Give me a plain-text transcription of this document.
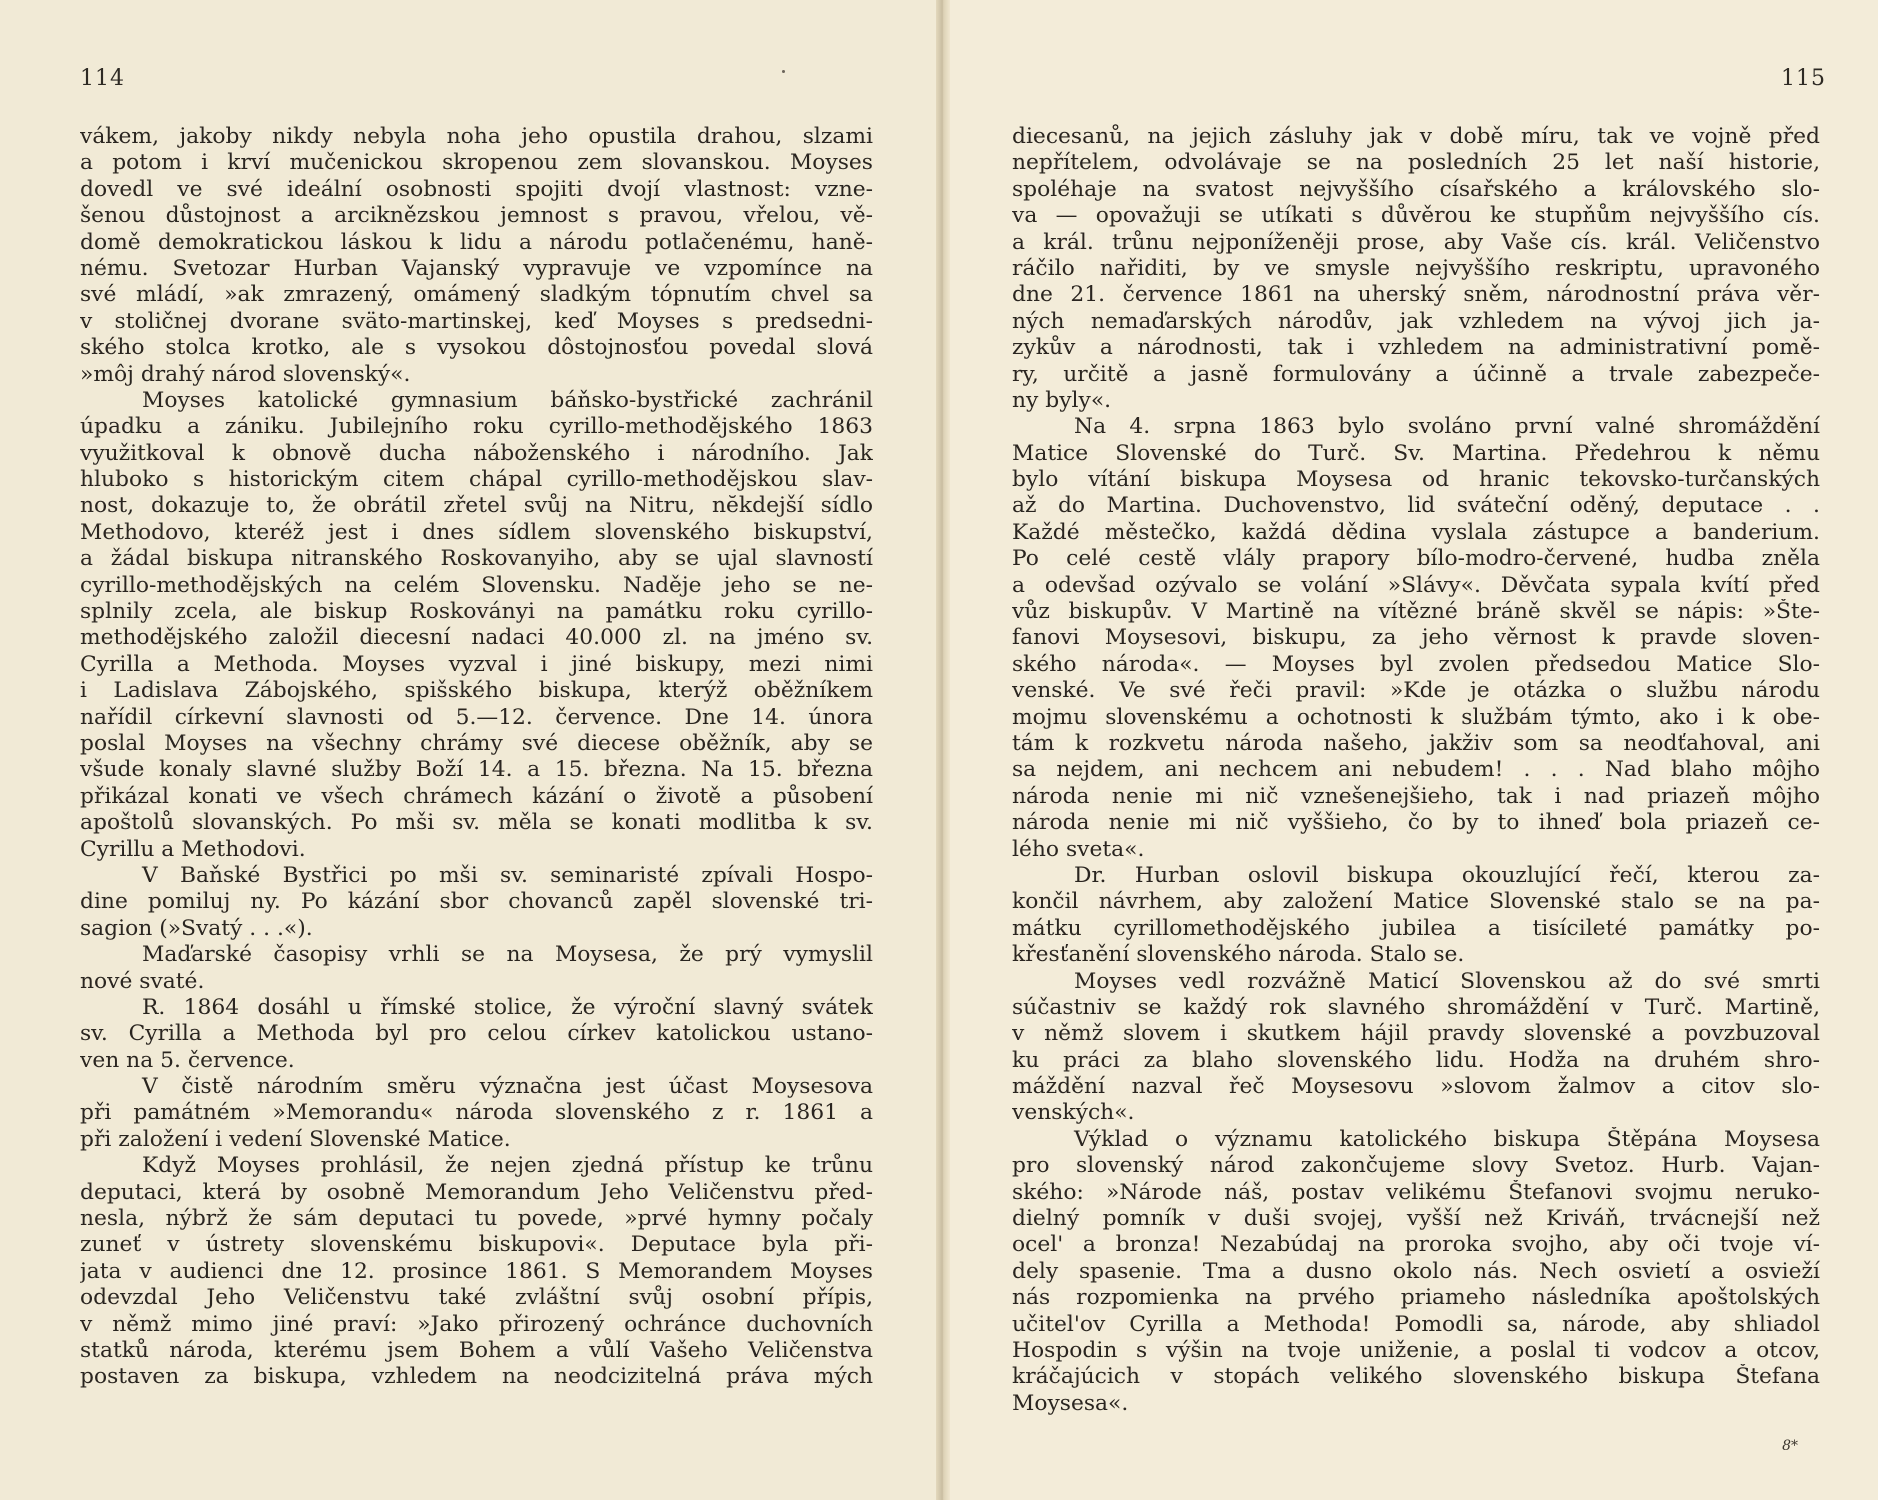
114
vákem, jakoby nikdy nebyla noha jeho opustila drahou, slzami
a potom i krví mučenickou skropenou zem slovanskou. Moyses
dovedl ve své ideální osobnosti spojiti dvojí vlastnost: vzne-
šenou důstojnost a arciknězskou jemnost s pravou, vřelou, vě-
domě demokratickou láskou k lidu a národu potlačenému, haně-
nému. Svetozar Hurban Vajanský vypravuje ve vzpomínce na
své mládí, »ak zmrazený, omámený sladkým tópnutím chvel sa
v stoličnej dvorane sväto-martinskej, keď Moyses s predsedni-
ského stolca krotko, ale s vysokou dôstojnosťou povedal slová
»môj drahý národ slovenský«.
Moyses katolické gymnasium báňsko-bystřické zachránil
úpadku a zániku. Jubilejního roku cyrillo-methodějského 1863
využitkoval k obnově ducha náboženského i národního. Jak
hluboko s historickým citem chápal cyrillo-methodějskou slav-
nost, dokazuje to, že obrátil zřetel svůj na Nitru, nĕkdejší sídlo
Methodovo, kteréž jest i dnes sídlem slovenského biskupství,
a žádal biskupa nitranského Roskovanyiho, aby se ujal slavností
cyrillo-methodějských na celém Slovensku. Naděje jeho se ne-
splnily zcela, ale biskup Roskoványi na památku roku cyrillo-
methodějského založil diecesní nadaci 40.000 zl. na jméno sv.
Cyrilla a Methoda. Moyses vyzval i jiné biskupy, mezi nimi
i Ladislava Zábojského, spišského biskupa, kterýž oběžníkem
nařídil církevní slavnosti od 5.—12. července. Dne 14. února
poslal Moyses na všechny chrámy své diecese oběžník, aby se
všude konaly slavné služby Boží 14. a 15. března. Na 15. března
přikázal konati ve všech chrámech kázání o životě a působení
apoštolů slovanských. Po mši sv. měla se konati modlitba k sv.
Cyrillu a Methodovi.
V Baňské Bystřici po mši sv. seminaristé zpívali Hospo-
dine pomiluj ny. Po kázání sbor chovanců zapěl slovenské tri-
sagion (»Svatý . . .«).
Maďarské časopisy vrhli se na Moysesa, že prý vymyslil
nové svaté.
R. 1864 dosáhl u římské stolice, že výroční slavný svátek
sv. Cyrilla a Methoda byl pro celou církev katolickou ustano-
ven na 5. července.
V čistě národním směru význačna jest účast Moysesova
při památném »Memorandu« národa slovenského z r. 1861 a
při založení i vedení Slovenské Matice.
Když Moyses prohlásil, že nejen zjedná přístup ke trůnu
deputaci, která by osobně Memorandum Jeho Veličenstvu před-
nesla, nýbrž že sám deputaci tu povede, »prvé hymny počaly
zuneť v ústrety slovenskému biskupovi«. Deputace byla při-
jata v audienci dne 12. prosince 1861. S Memorandem Moyses
odevzdal Jeho Veličenstvu také zvláštní svůj osobní přípis,
v němž mimo jiné praví: »Jako přirozený ochránce duchovních
statků národa, kterému jsem Bohem a vůlí Vašeho Veličenstva
postaven za biskupa, vzhledem na neodcizitelná práva mých
115
diecesanů, na jejich zásluhy jak v době míru, tak ve vojně před
nepřítelem, odvolávaje se na posledních 25 let naší historie,
spoléhaje na svatost nejvyššího císařského a královského slo-
va — opovažuji se utíkati s důvěrou ke stupňům nejvyššího cís.
a král. trůnu nejponíženěji prose, aby Vaše cís. král. Veličenstvo
ráčilo nařiditi, by ve smysle nejvyššího reskriptu, upravoného
dne 21. července 1861 na uherský sněm, národnostní práva věr-
ných nemaďarských národův, jak vzhledem na vývoj jich ja-
zykův a národnosti, tak i vzhledem na administrativní pomě-
ry, určitě a jasně formulovány a účinně a trvale zabezpeče-
ny byly«.
Na 4. srpna 1863 bylo svoláno první valné shromáždění
Matice Slovenské do Turč. Sv. Martina. Předehrou k němu
bylo vítání biskupa Moysesa od hranic tekovsko-turčanských
až do Martina. Duchovenstvo, lid sváteční oděný, deputace . .
Každé městečko, každá dědina vyslala zástupce a banderium.
Po celé cestě vlály prapory bílo-modro-červené, hudba zněla
a odevšad ozývalo se volání »Slávy«. Děvčata sypala kvítí před
vůz biskupův. V Martině na vítězné bráně skvěl se nápis: »Šte-
fanovi Moysesovi, biskupu, za jeho věrnost k pravde sloven-
ského národa«. — Moyses byl zvolen předsedou Matice Slo-
venské. Ve své řeči pravil: »Kde je otázka o službu národu
mojmu slovenskému a ochotnosti k službám týmto, ako i k obe-
tám k rozkvetu národa našeho, jakživ som sa neodťahoval, ani
sa nejdem, ani nechcem ani nebudem! . . . Nad blaho môjho
národa nenie mi nič vznešenejšieho, tak i nad priazeň môjho
národa nenie mi nič vyššieho, čo by to ihneď bola priazeň ce-
lého sveta«.
Dr. Hurban oslovil biskupa okouzlující řečí, kterou za-
končil návrhem, aby založení Matice Slovenské stalo se na pa-
mátku cyrillomethodějského jubilea a tisícileté památky po-
křesťanění slovenského národa. Stalo se.
Moyses vedl rozvážně Maticí Slovenskou až do své smrti
súčastniv se každý rok slavného shromáždění v Turč. Martině,
v němž slovem i skutkem hájil pravdy slovenské a povzbuzoval
ku práci za blaho slovenského lidu. Hodža na druhém shro-
máždění nazval řeč Moysesovu »slovom žalmov a citov slo-
venských«.
Výklad o významu katolického biskupa Štěpána Moysesa
pro slovenský národ zakončujeme slovy Svetoz. Hurb. Vajan-
ského: »Národe náš, postav velikému Štefanovi svojmu neruko-
dielný pomník v duši svojej, vyšší než Kriváň, trvácnejší než
ocel' a bronza! Nezabúdaj na proroka svojho, aby oči tvoje ví-
dely spasenie. Tma a dusno okolo nás. Nech osvietí a osvieží
nás rozpomienka na prvého priameho následníka apoštolských
učitel'ov Cyrilla a Methoda! Pomodli sa, národe, aby shliadol
Hospodin s výšin na tvoje uniženie, a poslal ti vodcov a otcov,
kráčajúcich v stopách velikého slovenského biskupa Štefana
Moysesa«.
8*
